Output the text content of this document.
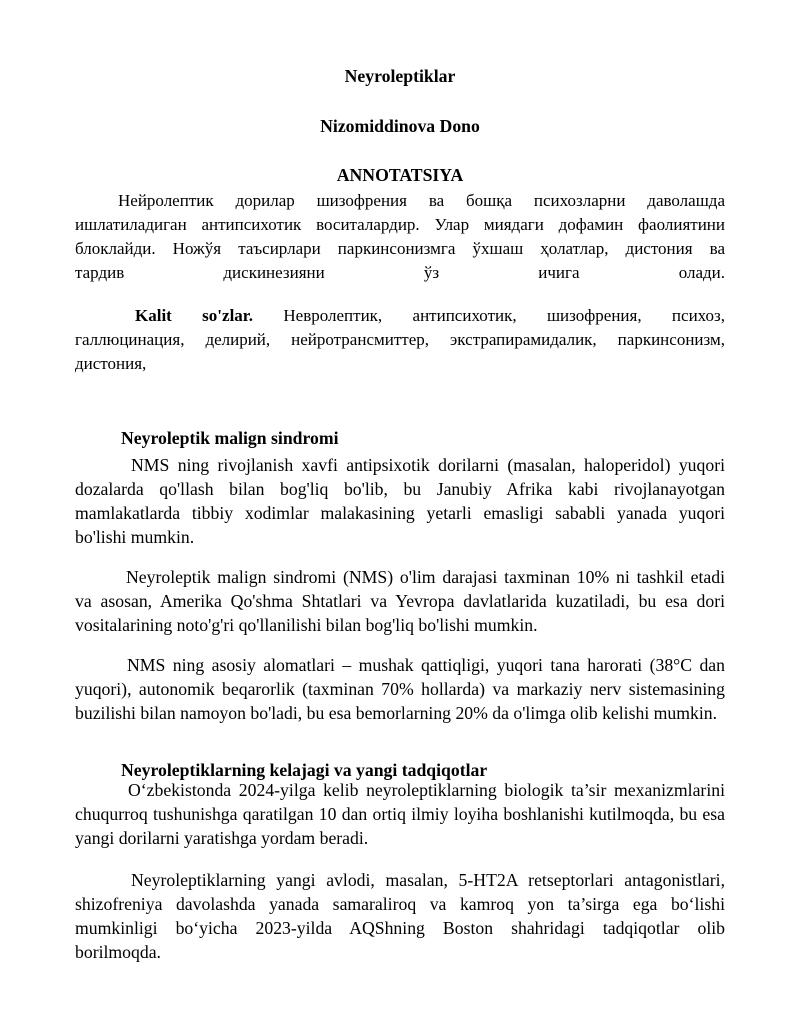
Neyroleptiklar
Nizomiddinova Dono
ANNOTATSIYA
Нейролептик дорилар шизофрения ва бошқа психозларни даволашда
ишлатиладиган антипсихотик воситалардир. Улар миядаги дофамин фаолиятини
блоклайди. Ножўя таъсирлари паркинсонизмга ўхшаш ҳолатлар, дистония ва
тардив дискинезияни ўз ичига олади.
Kalit so'zlar. Невролептик, антипсихотик, шизофрения, психоз,
галлюцинация, делирий, нейротрансмиттер, экстрапирамидалик, паркинсонизм,
дистония,
Neyroleptik malign sindromi
NMS ning rivojlanish xavfi antipsixotik dorilarni (masalan, haloperidol) yuqori
dozalarda qo'llash bilan bog'liq bo'lib, bu Janubiy Afrika kabi rivojlanayotgan
mamlakatlarda tibbiy xodimlar malakasining yetarli emasligi sababli yanada yuqori
bo'lishi mumkin.
Neyroleptik malign sindromi (NMS) o'lim darajasi taxminan 10% ni tashkil etadi
va asosan, Amerika Qo'shma Shtatlari va Yevropa davlatlarida kuzatiladi, bu esa dori
vositalarining noto'g'ri qo'llanilishi bilan bog'liq bo'lishi mumkin.
NMS ning asosiy alomatlari – mushak qattiqligi, yuqori tana harorati (38°C dan
yuqori), autonomik beqarorlik (taxminan 70% hollarda) va markaziy nerv sistemasining
buzilishi bilan namoyon bo'ladi, bu esa bemorlarning 20% da o'limga olib kelishi mumkin.
Neyroleptiklarning kelajagi va yangi tadqiqotlar
O‘zbekistonda 2024-yilga kelib neyroleptiklarning biologik ta’sir mexanizmlarini
chuqurroq tushunishga qaratilgan 10 dan ortiq ilmiy loyiha boshlanishi kutilmoqda, bu esa
yangi dorilarni yaratishga yordam beradi.
Neyroleptiklarning yangi avlodi, masalan, 5-HT2A retseptorlari antagonistlari,
shizofreniya davolashda yanada samaraliroq va kamroq yon ta’sirga ega bo‘lishi
mumkinligi bo‘yicha 2023-yilda AQShning Boston shahridagi tadqiqotlar olib
borilmoqda.
